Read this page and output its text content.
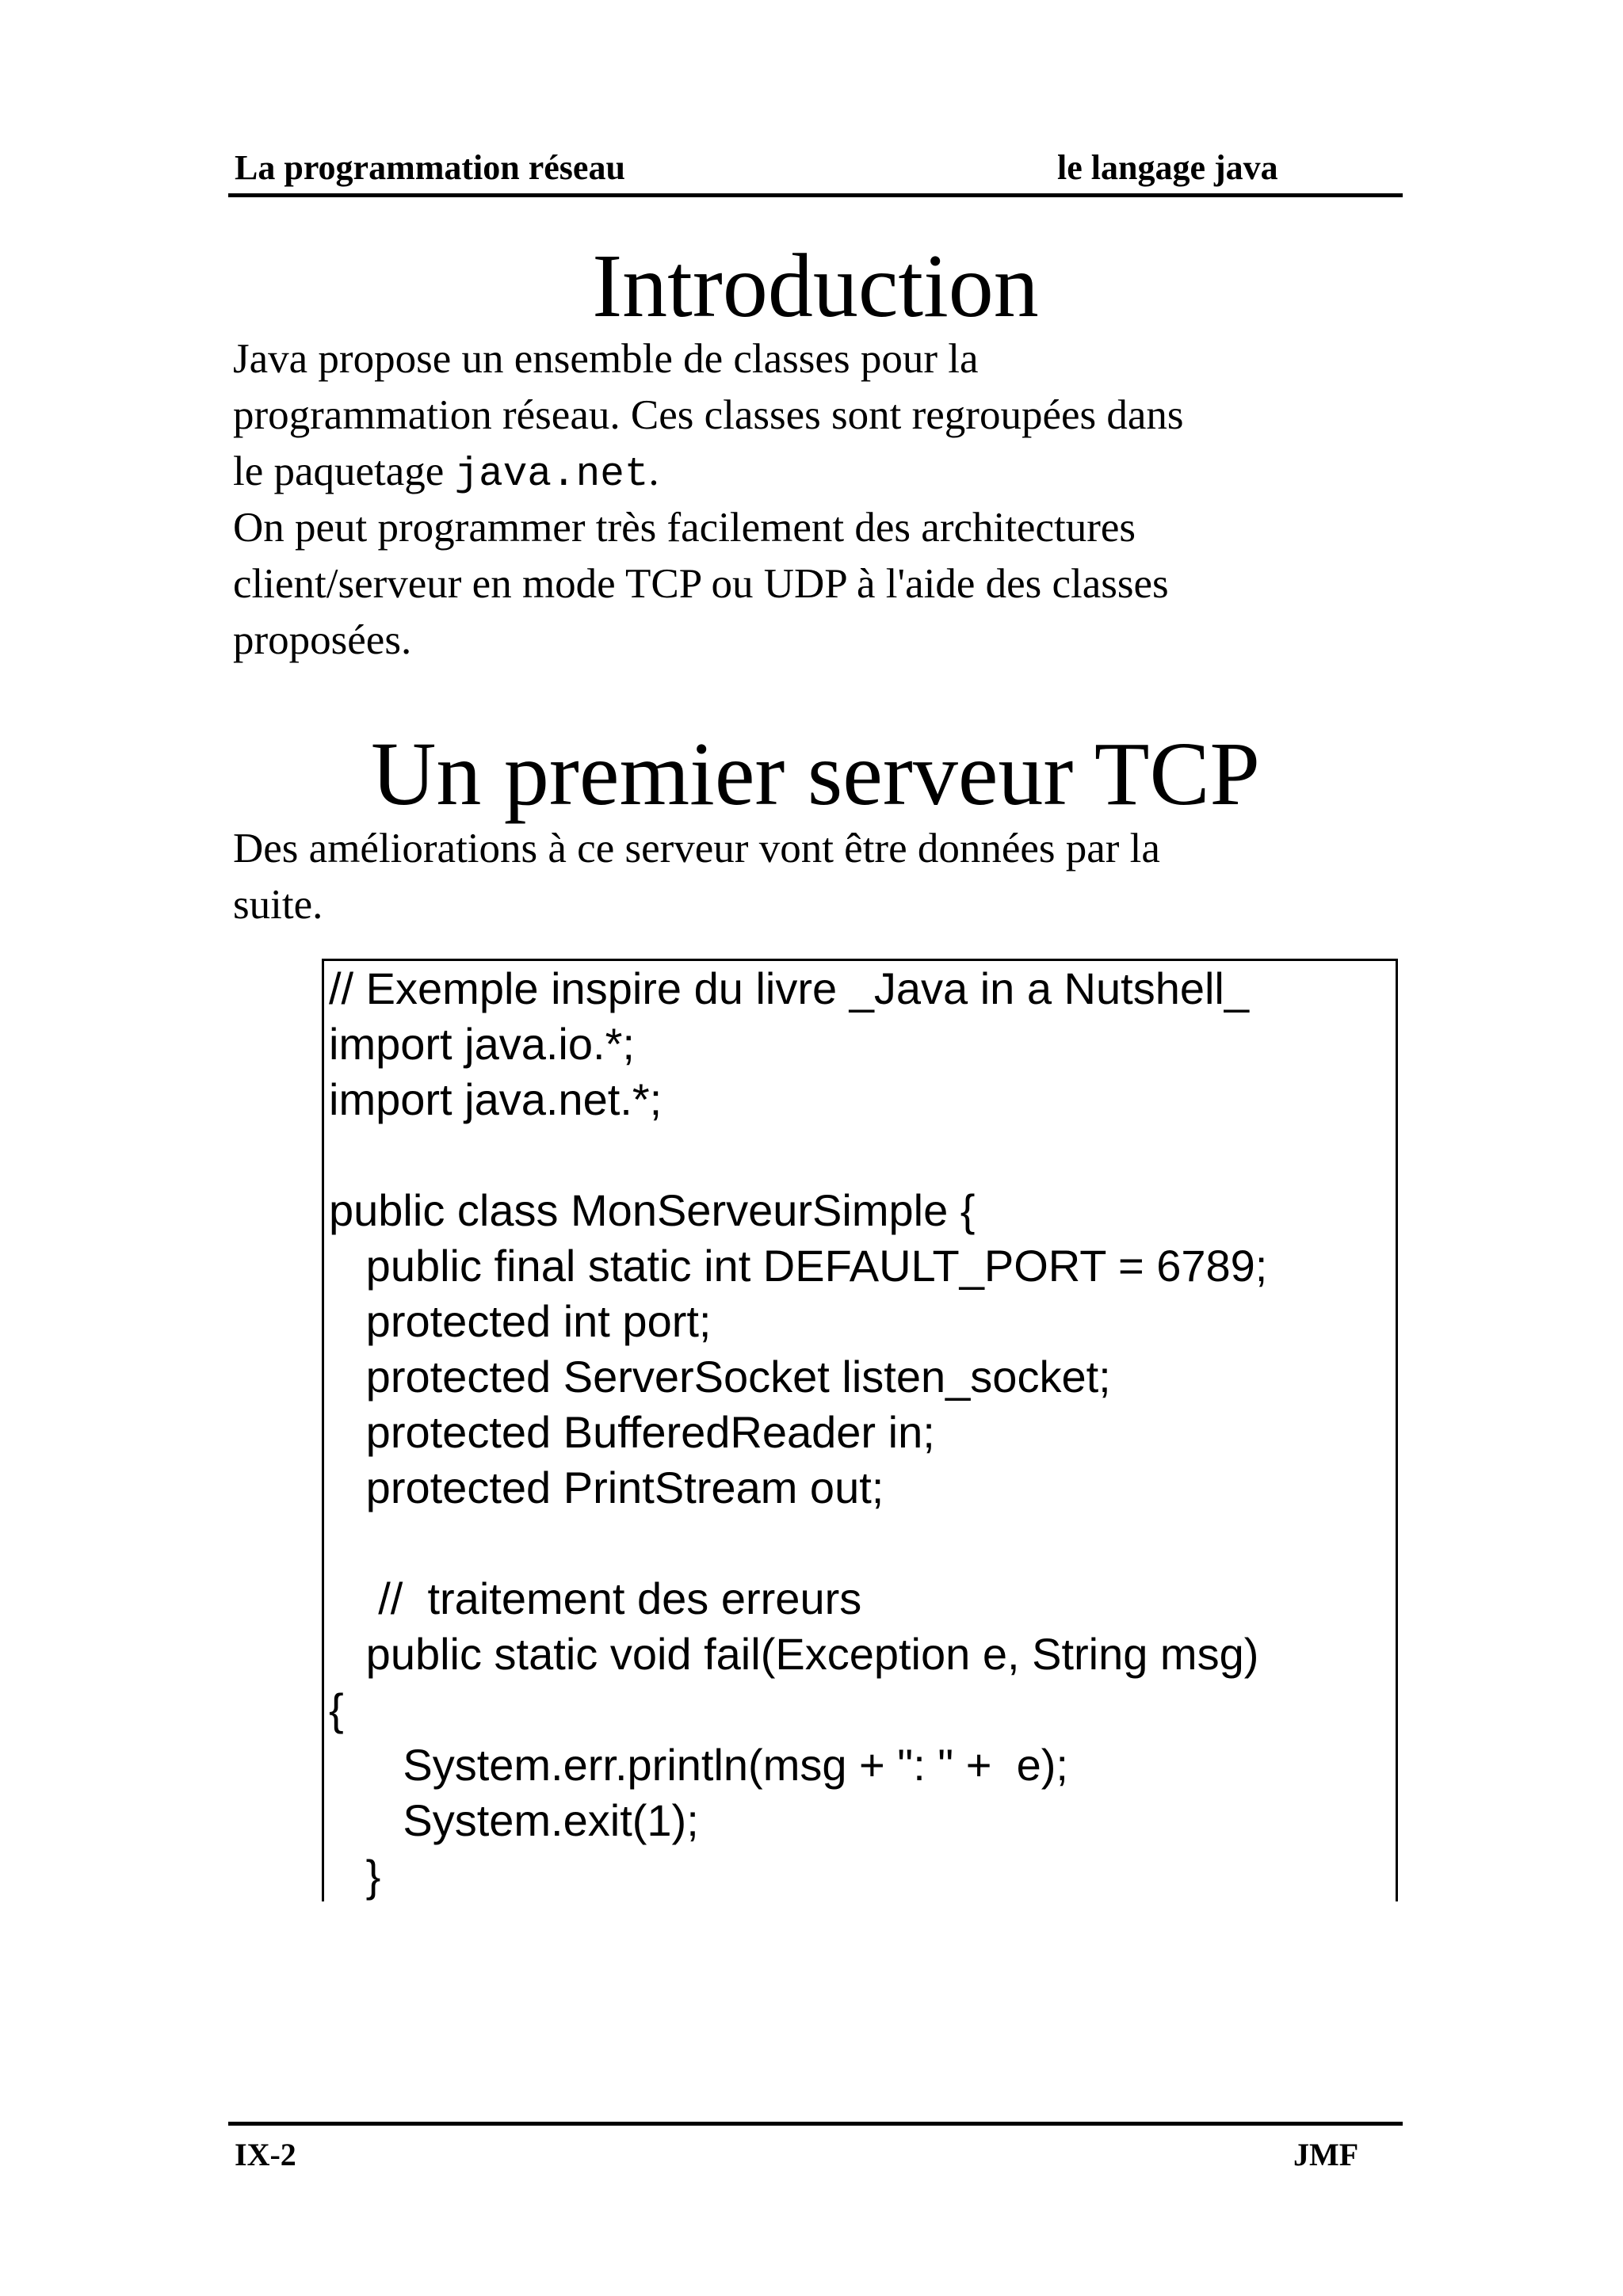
La programmation réseau	le langage java
Introduction
Java propose un ensemble de classes pour la
programmation réseau. Ces classes sont regroupées dans
le paquetage java.net.
On peut programmer très facilement des architectures
client/serveur en mode TCP ou UDP à l'aide des classes
proposées.
Un premier serveur TCP
Des améliorations à ce serveur vont être données par la
suite.
// Exemple inspire du livre _Java in a Nutshell_
import java.io.*;
import java.net.*;
public class MonServeurSimple {
public final static int DEFAULT_PORT = 6789;
protected int port;
protected ServerSocket listen_socket;
protected BufferedReader in;
protected PrintStream out;
//  traitement des erreurs
public static void fail(Exception e, String msg)
{
System.err.println(msg + ": " +  e);
System.exit(1);
}
IX-2	JMF
